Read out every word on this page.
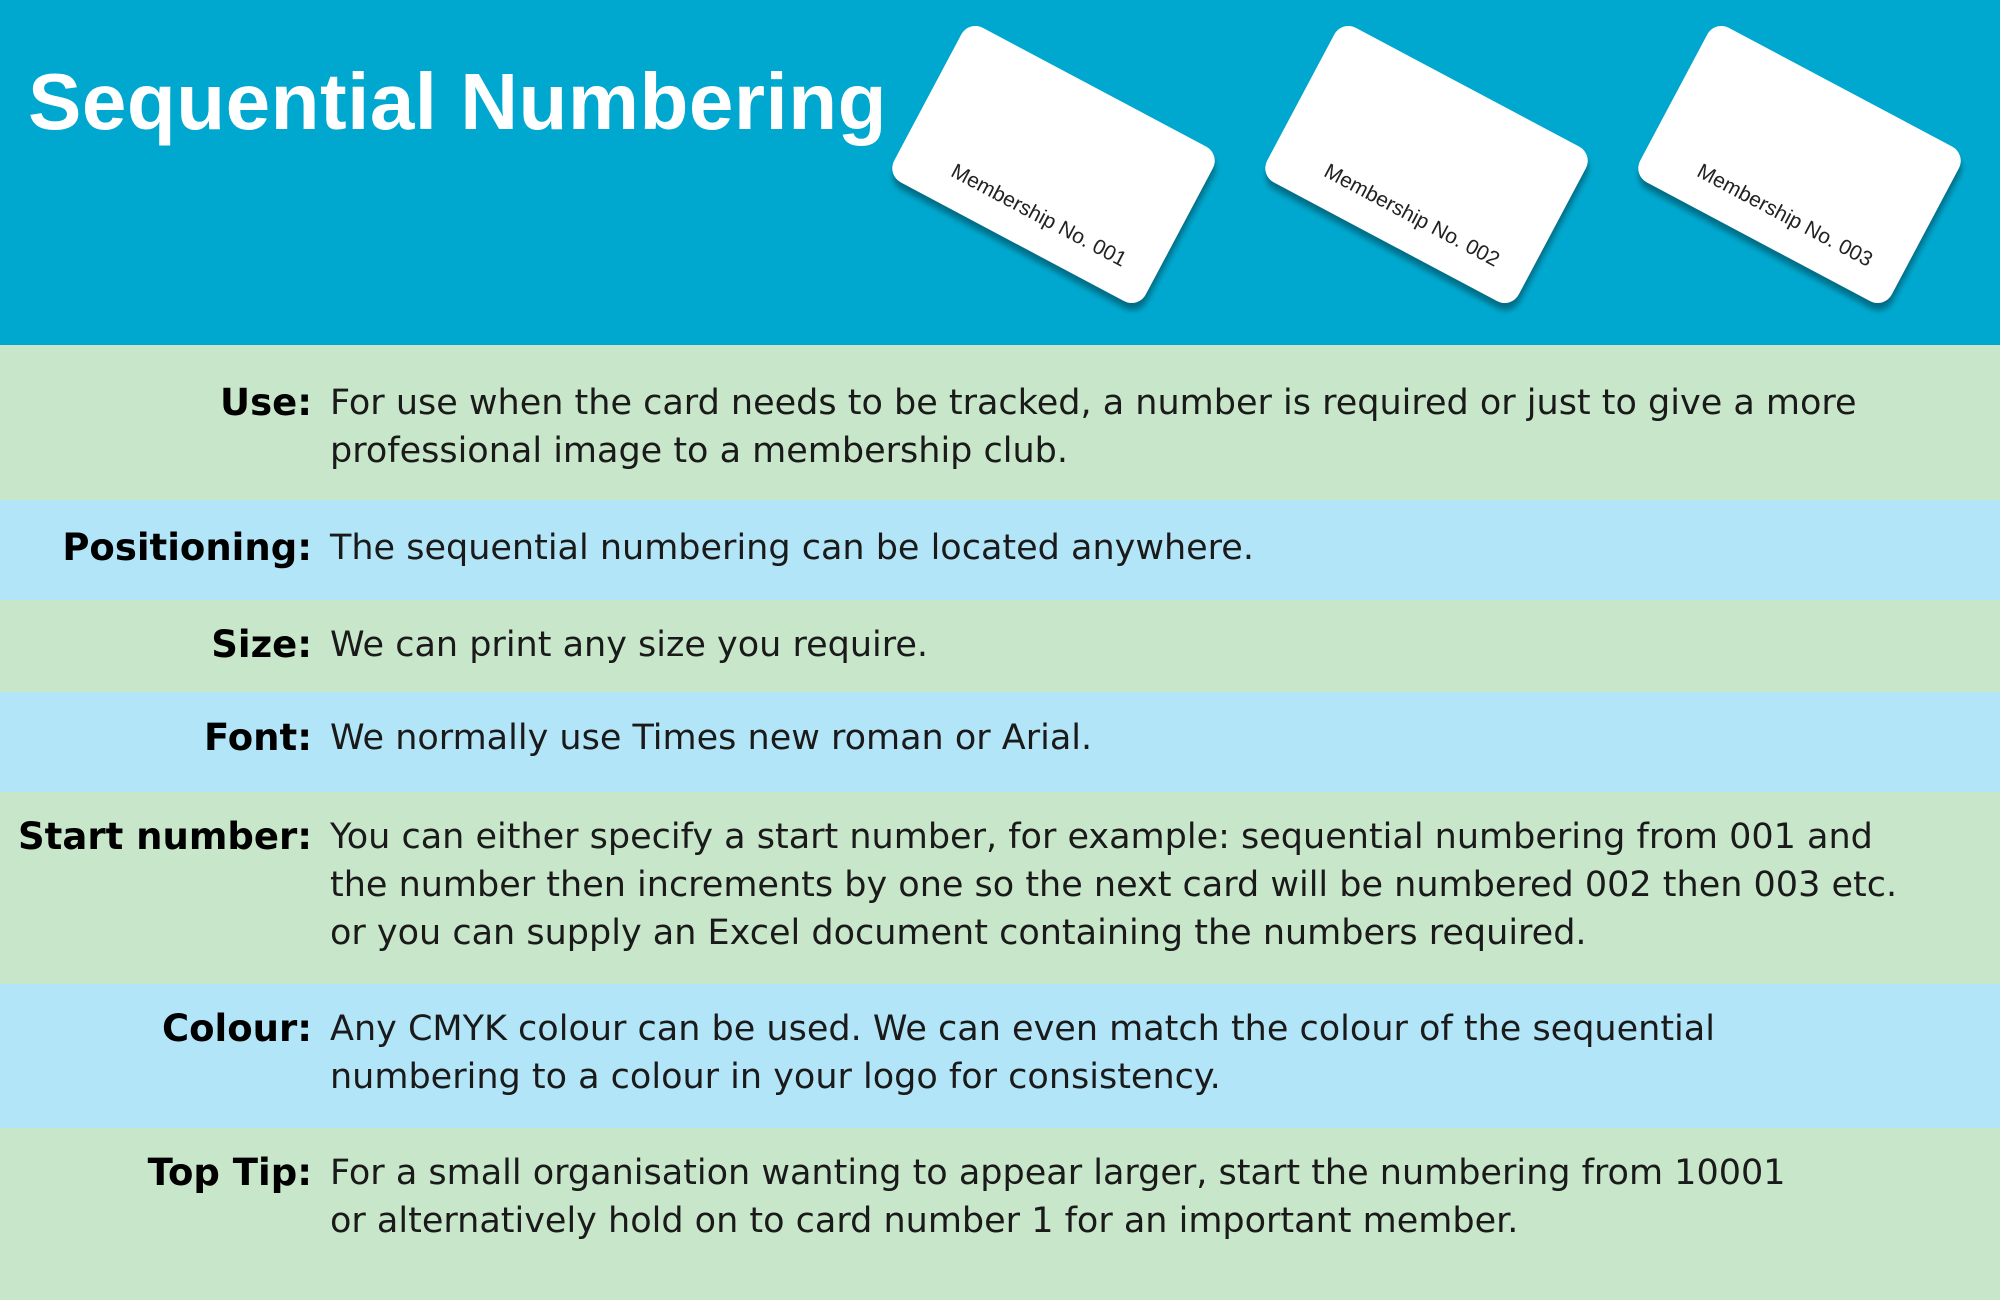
Sequential Numbering
Membership No. 001	Membership No. 002	Membership No. 003

Use: For use when the card needs to be tracked, a number is required or just to give a more
professional image to a membership club.

Positioning: The sequential numbering can be located anywhere.

Size: We can print any size you require.

Font: We normally use Times new roman or Arial.

Start number: You can either specify a start number, for example: sequential numbering from 001 and
the number then increments by one so the next card will be numbered 002 then 003 etc.
or you can supply an Excel document containing the numbers required.

Colour: Any CMYK colour can be used. We can even match the colour of the sequential
numbering to a colour in your logo for consistency.

Top Tip: For a small organisation wanting to appear larger, start the numbering from 10001
or alternatively hold on to card number 1 for an important member.
